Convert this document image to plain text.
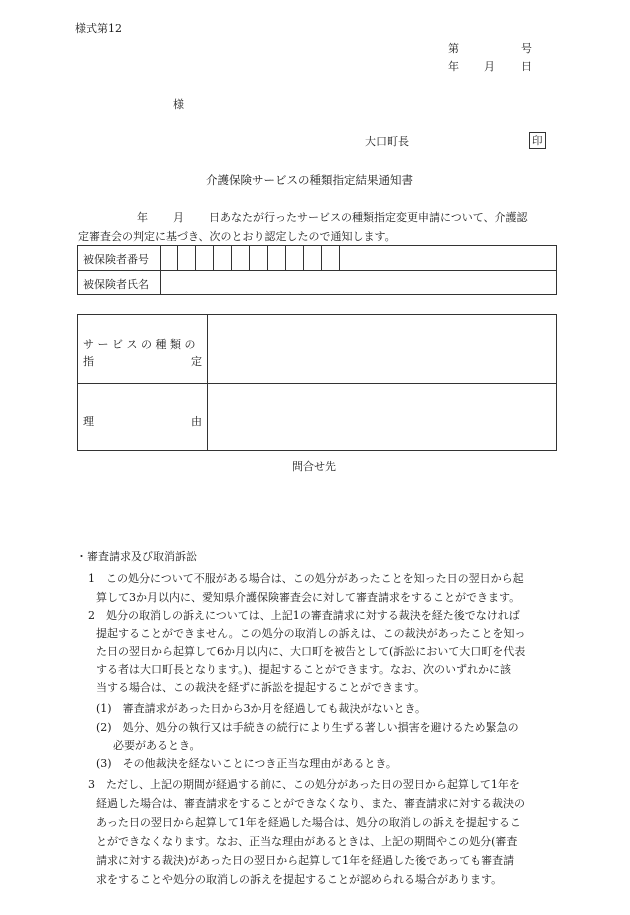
様式第12
第	号
年 月 日
様
大口町長	印
介護保険サービスの種類指定結果通知書
年 月 日あなたが行ったサービスの種類指定変更申請について、介護認
定審査会の判定に基づき、次のとおり認定したので通知します。
被保険者番号
被保険者氏名
サ ー ビ ス の 種 類 の
指	定
理	由
問合せ先
・審査請求及び取消訴訟
1　この処分について不服がある場合は、この処分があったことを知った日の翌日から起
算して3か月以内に、愛知県介護保険審査会に対して審査請求をすることができます。
2　処分の取消しの訴えについては、上記1の審査請求に対する裁決を経た後でなければ
提起することができません。この処分の取消しの訴えは、この裁決があったことを知っ
た日の翌日から起算して6か月以内に、大口町を被告として(訴訟において大口町を代表
する者は大口町長となります。)、提起することができます。なお、次のいずれかに該
当する場合は、この裁決を経ずに訴訟を提起することができます。
(1)　審査請求があった日から3か月を経過しても裁決がないとき。
(2)　処分、処分の執行又は手続きの続行により生ずる著しい損害を避けるため緊急の
必要があるとき。
(3)　その他裁決を経ないことにつき正当な理由があるとき。
3　ただし、上記の期間が経過する前に、この処分があった日の翌日から起算して1年を
経過した場合は、審査請求をすることができなくなり、また、審査請求に対する裁決の
あった日の翌日から起算して1年を経過した場合は、処分の取消しの訴えを提起するこ
とができなくなります。なお、正当な理由があるときは、上記の期間やこの処分(審査
請求に対する裁決)があった日の翌日から起算して1年を経過した後であっても審査請
求をすることや処分の取消しの訴えを提起することが認められる場合があります。
